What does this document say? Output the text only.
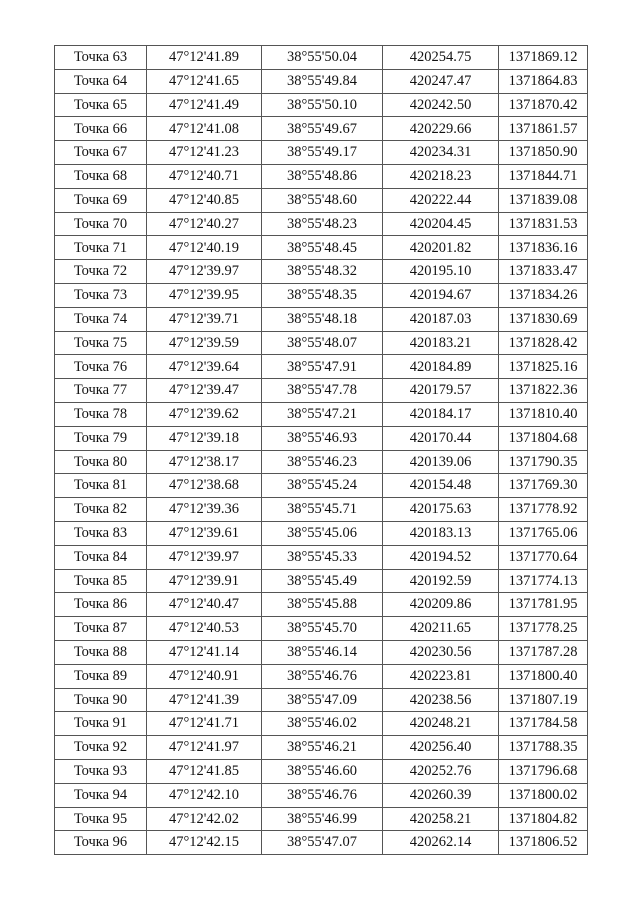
Точка 63	47°12'41.89	38°55'50.04	420254.75	1371869.12
Точка 64	47°12'41.65	38°55'49.84	420247.47	1371864.83
Точка 65	47°12'41.49	38°55'50.10	420242.50	1371870.42
Точка 66	47°12'41.08	38°55'49.67	420229.66	1371861.57
Точка 67	47°12'41.23	38°55'49.17	420234.31	1371850.90
Точка 68	47°12'40.71	38°55'48.86	420218.23	1371844.71
Точка 69	47°12'40.85	38°55'48.60	420222.44	1371839.08
Точка 70	47°12'40.27	38°55'48.23	420204.45	1371831.53
Точка 71	47°12'40.19	38°55'48.45	420201.82	1371836.16
Точка 72	47°12'39.97	38°55'48.32	420195.10	1371833.47
Точка 73	47°12'39.95	38°55'48.35	420194.67	1371834.26
Точка 74	47°12'39.71	38°55'48.18	420187.03	1371830.69
Точка 75	47°12'39.59	38°55'48.07	420183.21	1371828.42
Точка 76	47°12'39.64	38°55'47.91	420184.89	1371825.16
Точка 77	47°12'39.47	38°55'47.78	420179.57	1371822.36
Точка 78	47°12'39.62	38°55'47.21	420184.17	1371810.40
Точка 79	47°12'39.18	38°55'46.93	420170.44	1371804.68
Точка 80	47°12'38.17	38°55'46.23	420139.06	1371790.35
Точка 81	47°12'38.68	38°55'45.24	420154.48	1371769.30
Точка 82	47°12'39.36	38°55'45.71	420175.63	1371778.92
Точка 83	47°12'39.61	38°55'45.06	420183.13	1371765.06
Точка 84	47°12'39.97	38°55'45.33	420194.52	1371770.64
Точка 85	47°12'39.91	38°55'45.49	420192.59	1371774.13
Точка 86	47°12'40.47	38°55'45.88	420209.86	1371781.95
Точка 87	47°12'40.53	38°55'45.70	420211.65	1371778.25
Точка 88	47°12'41.14	38°55'46.14	420230.56	1371787.28
Точка 89	47°12'40.91	38°55'46.76	420223.81	1371800.40
Точка 90	47°12'41.39	38°55'47.09	420238.56	1371807.19
Точка 91	47°12'41.71	38°55'46.02	420248.21	1371784.58
Точка 92	47°12'41.97	38°55'46.21	420256.40	1371788.35
Точка 93	47°12'41.85	38°55'46.60	420252.76	1371796.68
Точка 94	47°12'42.10	38°55'46.76	420260.39	1371800.02
Точка 95	47°12'42.02	38°55'46.99	420258.21	1371804.82
Точка 96	47°12'42.15	38°55'47.07	420262.14	1371806.52
